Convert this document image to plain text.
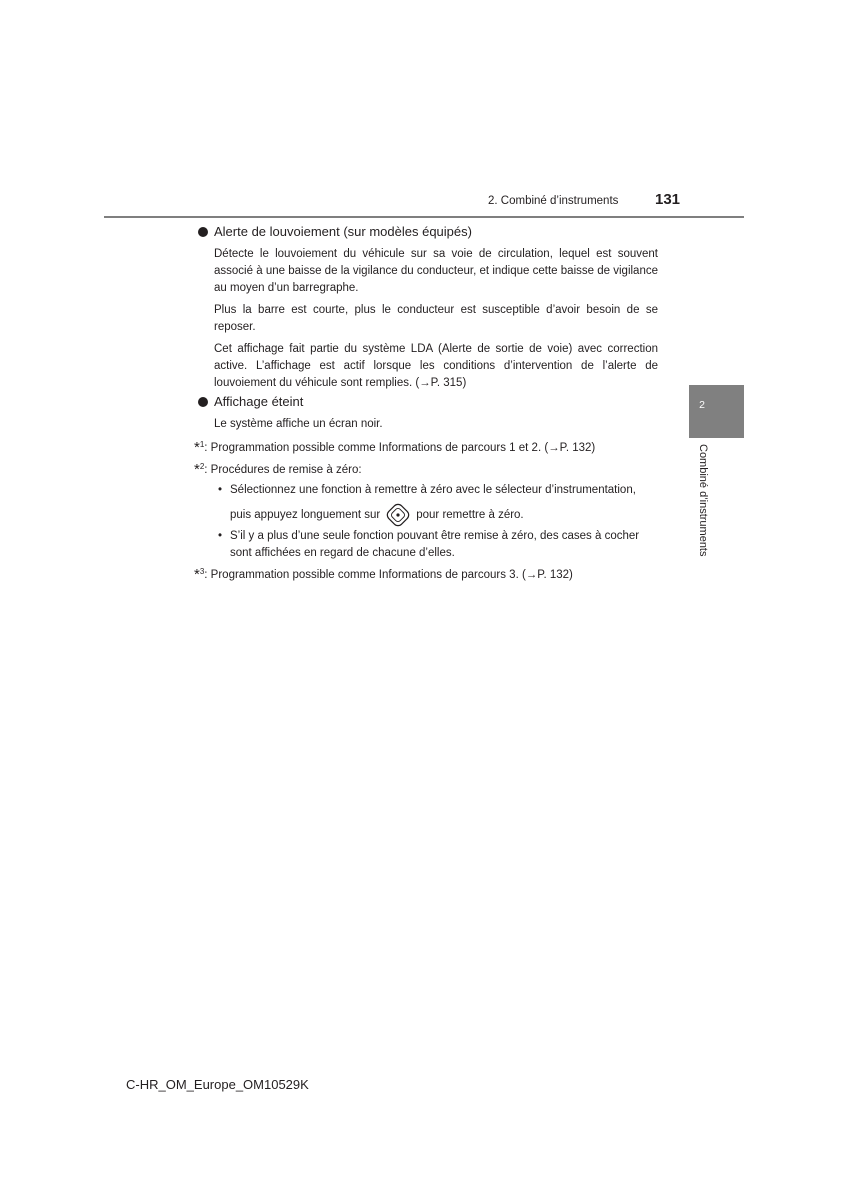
2. Combiné d’instruments 131
2
Combiné d’instruments
Alerte de louvoiement (sur modèles équipés)
Détecte le louvoiement du véhicule sur sa voie de circulation, lequel est souvent associé à une baisse de la vigilance du conducteur, et indique cette baisse de vigilance au moyen d’un barregraphe.
Plus la barre est courte, plus le conducteur est susceptible d’avoir besoin de se reposer.
Cet affichage fait partie du système LDA (Alerte de sortie de voie) avec correction active. L’affichage est actif lorsque les conditions d’intervention de l’alerte de louvoiement du véhicule sont remplies. (→P. 315)
Affichage éteint
Le système affiche un écran noir.
*$^1$: Programmation possible comme Informations de parcours 1 et 2. (→P. 132)
*$^2$: Procédures de remise à zéro:
• Sélectionnez une fonction à remettre à zéro avec le sélecteur d’instrumentation,
puis appuyez longuement sur	pour remettre à zéro.
• S’il y a plus d’une seule fonction pouvant être remise à zéro, des cases à cocher sont affichées en regard de chacune d’elles.
*$^3$: Programmation possible comme Informations de parcours 3. (→P. 132)
C-HR_OM_Europe_OM10529K
